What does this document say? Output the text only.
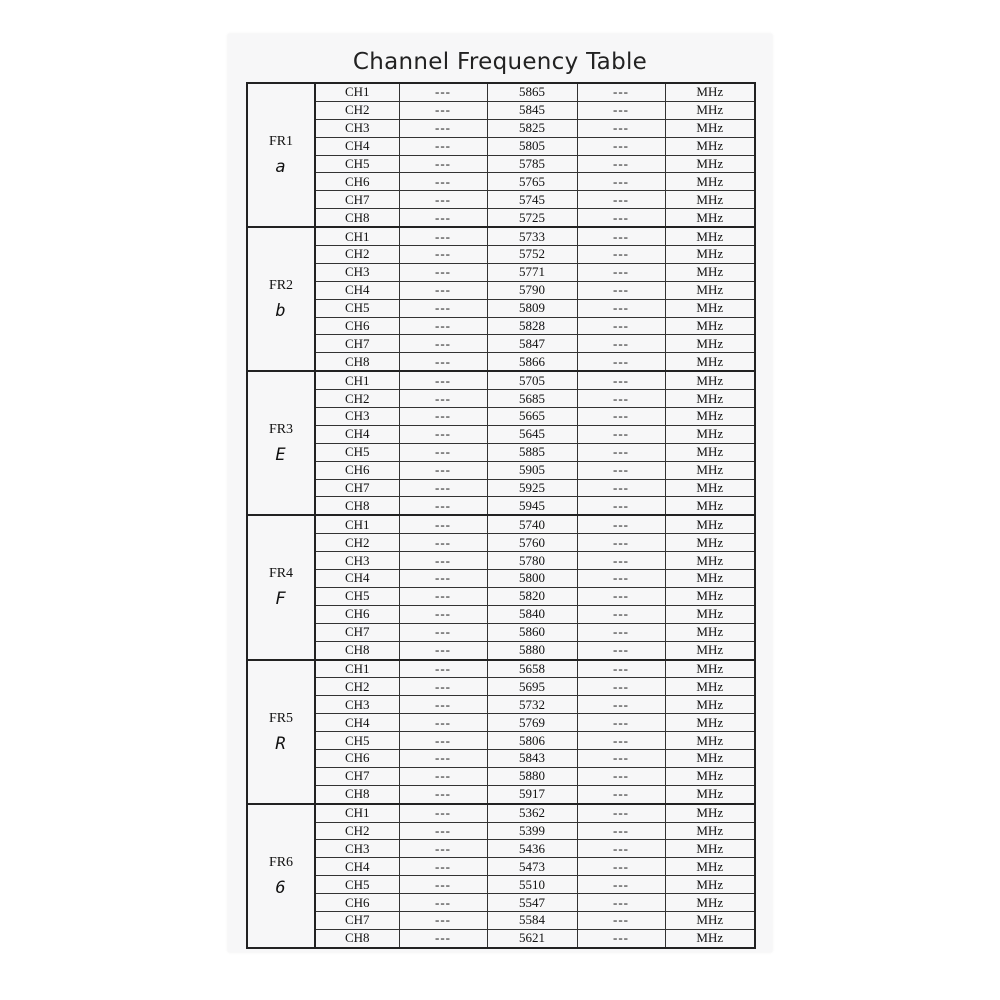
Channel Frequency Table
FR1
a	CH1	---	5865	---	MHz
	CH2	---	5845	---	MHz
	CH3	---	5825	---	MHz
	CH4	---	5805	---	MHz
	CH5	---	5785	---	MHz
	CH6	---	5765	---	MHz
	CH7	---	5745	---	MHz
	CH8	---	5725	---	MHz

FR2
b	CH1	---	5733	---	MHz
	CH2	---	5752	---	MHz
	CH3	---	5771	---	MHz
	CH4	---	5790	---	MHz
	CH5	---	5809	---	MHz
	CH6	---	5828	---	MHz
	CH7	---	5847	---	MHz
	CH8	---	5866	---	MHz

FR3
E	CH1	---	5705	---	MHz
	CH2	---	5685	---	MHz
	CH3	---	5665	---	MHz
	CH4	---	5645	---	MHz
	CH5	---	5885	---	MHz
	CH6	---	5905	---	MHz
	CH7	---	5925	---	MHz
	CH8	---	5945	---	MHz

FR4
F	CH1	---	5740	---	MHz
	CH2	---	5760	---	MHz
	CH3	---	5780	---	MHz
	CH4	---	5800	---	MHz
	CH5	---	5820	---	MHz
	CH6	---	5840	---	MHz
	CH7	---	5860	---	MHz
	CH8	---	5880	---	MHz

FR5
R	CH1	---	5658	---	MHz
	CH2	---	5695	---	MHz
	CH3	---	5732	---	MHz
	CH4	---	5769	---	MHz
	CH5	---	5806	---	MHz
	CH6	---	5843	---	MHz
	CH7	---	5880	---	MHz
	CH8	---	5917	---	MHz

FR6
6	CH1	---	5362	---	MHz
	CH2	---	5399	---	MHz
	CH3	---	5436	---	MHz
	CH4	---	5473	---	MHz
	CH5	---	5510	---	MHz
	CH6	---	5547	---	MHz
	CH7	---	5584	---	MHz
	CH8	---	5621	---	MHz
